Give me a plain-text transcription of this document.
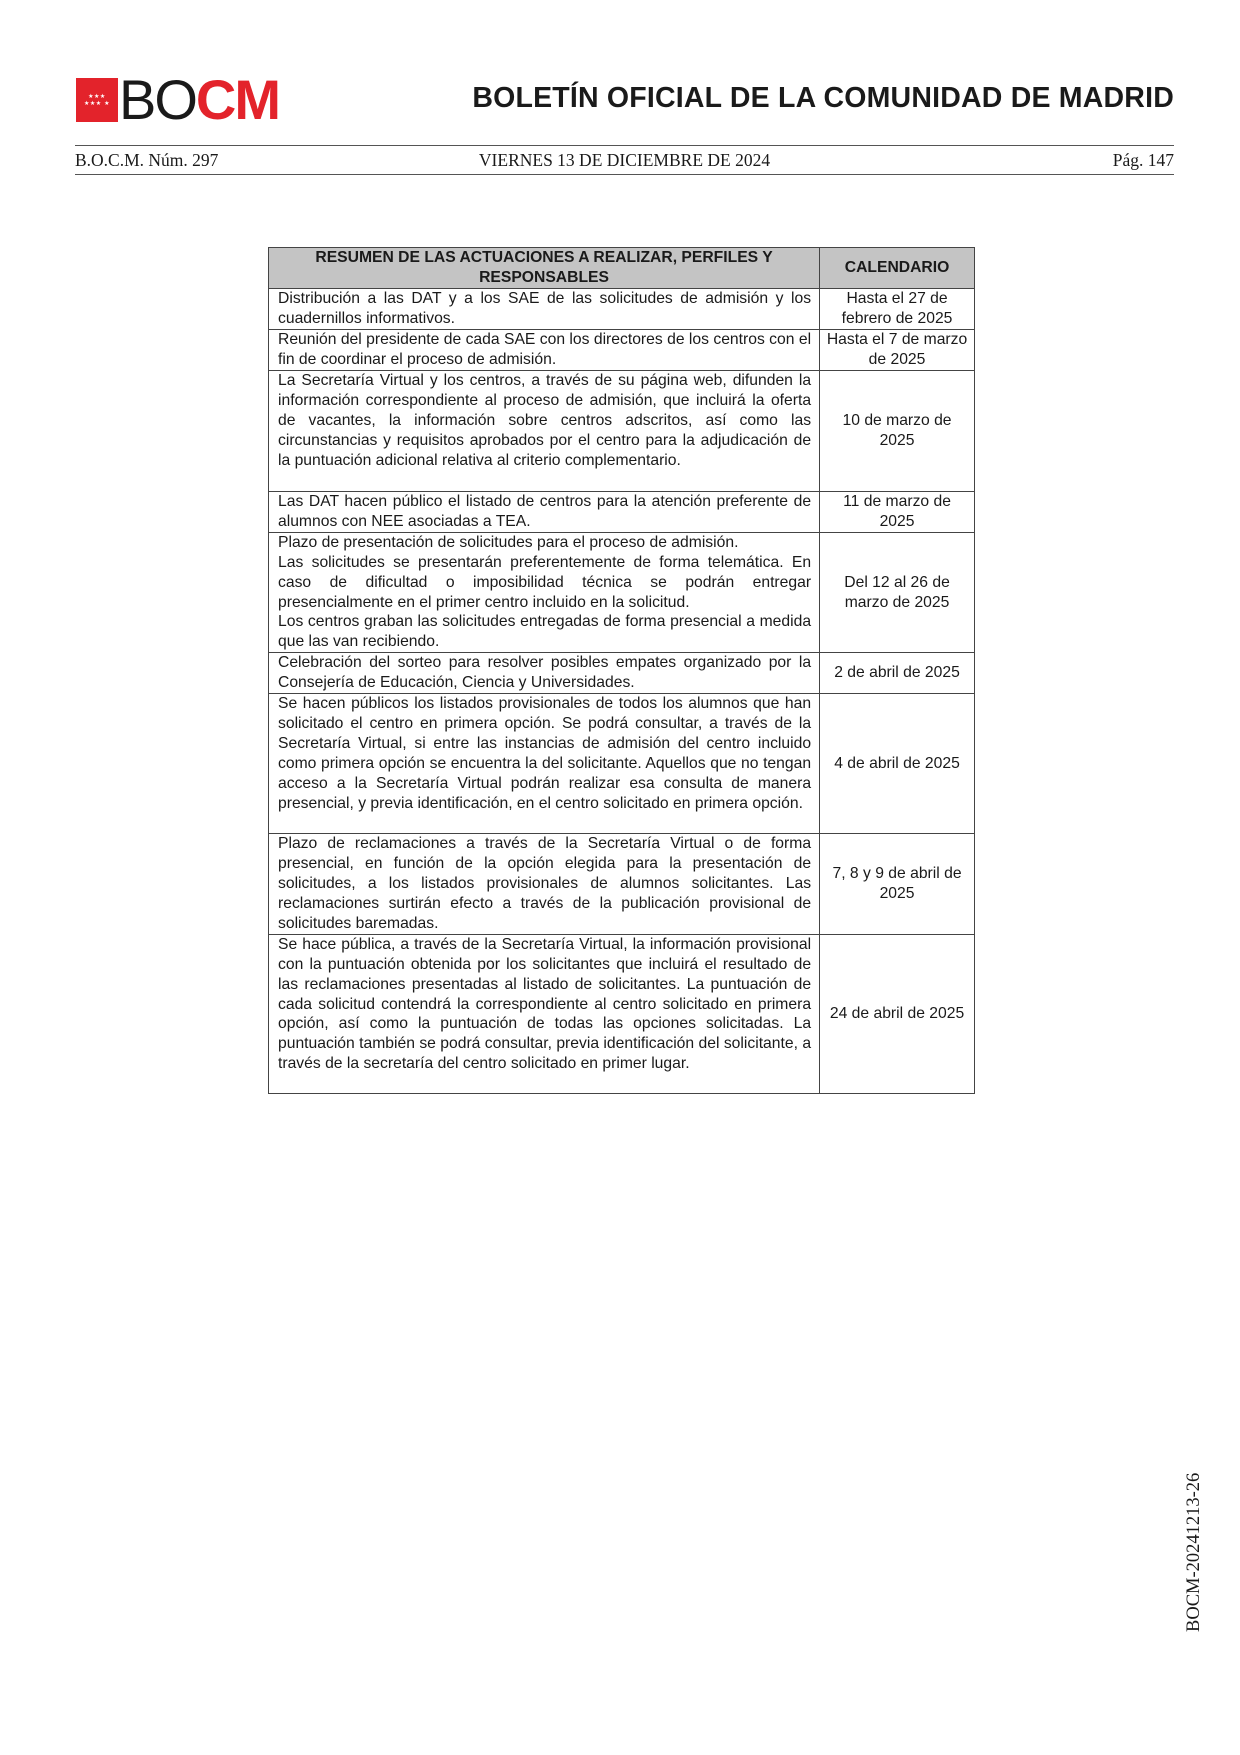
★★★ ★★★ ★ BOCM	BOLETÍN OFICIAL DE LA COMUNIDAD DE MADRID
B.O.C.M. Núm. 297	VIERNES 13 DE DICIEMBRE DE 2024	Pág. 147
RESUMEN DE LAS ACTUACIONES A REALIZAR, PERFILES Y RESPONSABLES	CALENDARIO
Distribución a las DAT y a los SAE de las solicitudes de admisión y los cuadernillos informativos.	Hasta el 27 de febrero de 2025
Reunión del presidente de cada SAE con los directores de los centros con el fin de coordinar el proceso de admisión.	Hasta el 7 de marzo de 2025
La Secretaría Virtual y los centros, a través de su página web, difunden la información correspondiente al proceso de admisión, que incluirá la oferta de vacantes, la información sobre centros adscritos, así como las circunstancias y requisitos aprobados por el centro para la adjudicación de la puntuación adicional relativa al criterio complementario.	10 de marzo de 2025
Las DAT hacen público el listado de centros para la atención preferente de alumnos con NEE asociadas a TEA.	11 de marzo de 2025

Plazo de presentación de solicitudes para el proceso de admisión.
Las solicitudes se presentarán preferentemente de forma telemática. En caso de dificultad o imposibilidad técnica se podrán entregar presencialmente en el primer centro incluido en la solicitud.
Los centros graban las solicitudes entregadas de forma presencial a medida que las van recibiendo.	Del 12 al 26 de marzo de 2025
Celebración del sorteo para resolver posibles empates organizado por la Consejería de Educación, Ciencia y Universidades.	2 de abril de 2025
Se hacen públicos los listados provisionales de todos los alumnos que han solicitado el centro en primera opción. Se podrá consultar, a través de la Secretaría Virtual, si entre las instancias de admisión del centro incluido como primera opción se encuentra la del solicitante. Aquellos que no tengan acceso a la Secretaría Virtual podrán realizar esa consulta de manera presencial, y previa identificación, en el centro solicitado en primera opción.	4 de abril de 2025
Plazo de reclamaciones a través de la Secretaría Virtual o de forma presencial, en función de la opción elegida para la presentación de solicitudes, a los listados provisionales de alumnos solicitantes. Las reclamaciones surtirán efecto a través de la publicación provisional de solicitudes baremadas.	7, 8 y 9 de abril de 2025
Se hace pública, a través de la Secretaría Virtual, la información provisional con la puntuación obtenida por los solicitantes que incluirá el resultado de las reclamaciones presentadas al listado de solicitantes. La puntuación de cada solicitud contendrá la correspondiente al centro solicitado en primera opción, así como la puntuación de todas las opciones solicitadas. La puntuación también se podrá consultar, previa identificación del solicitante, a través de la secretaría del centro solicitado en primer lugar.	24 de abril de 2025
BOCM-20241213-26
